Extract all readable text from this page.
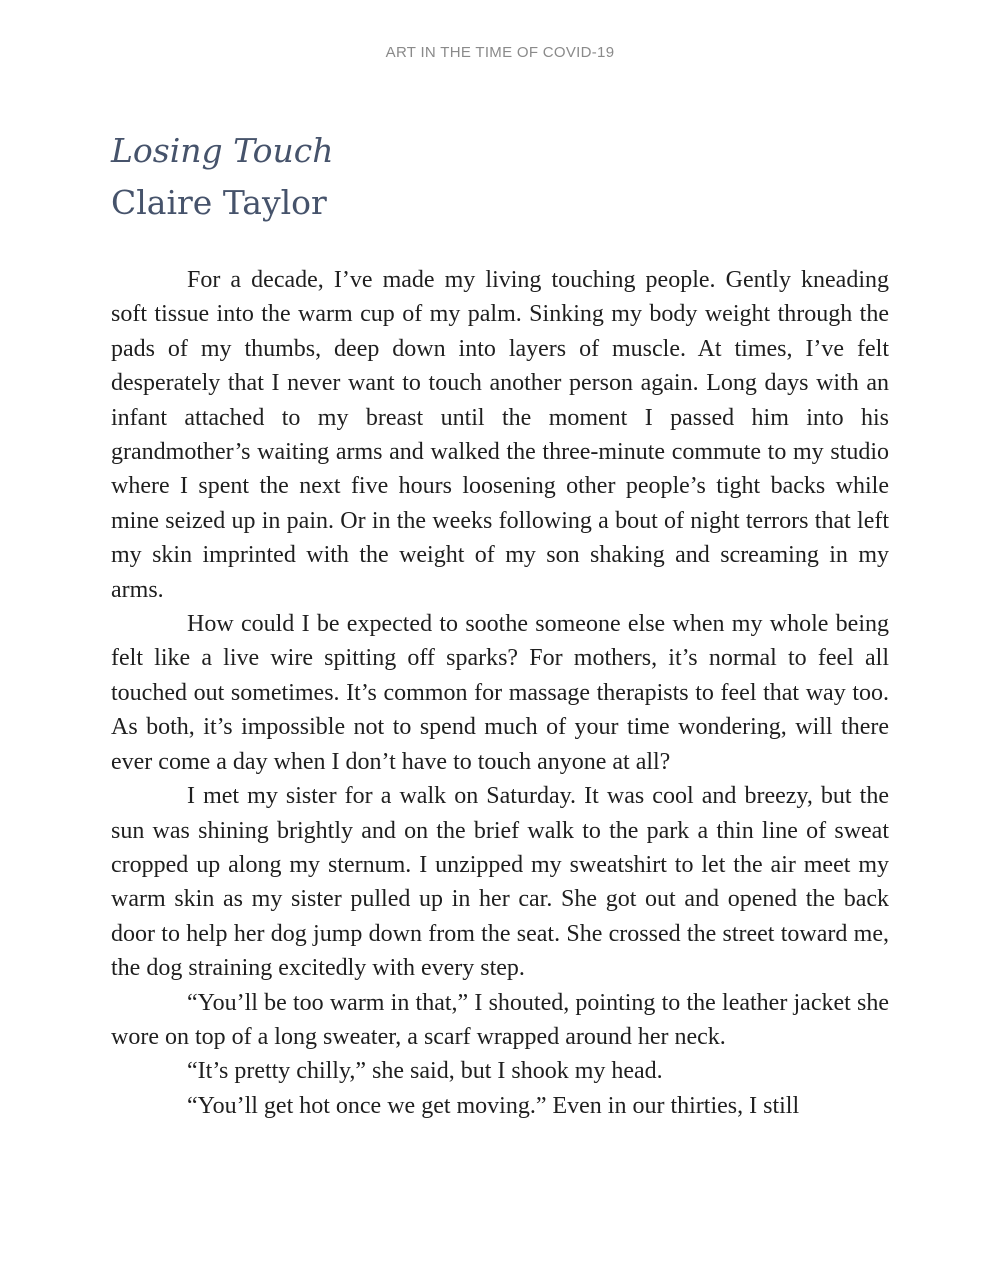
ART IN THE TIME OF COVID-19
Losing Touch
Claire Taylor

For a decade, I’ve made my living touching people. Gently kneading soft tissue into the warm cup of my palm. Sinking my body weight through the pads of my thumbs, deep down into layers of muscle. At times, I’ve felt desperately that I never want to touch another person again. Long days with an infant attached to my breast until the moment I passed him into his grandmother’s waiting arms and walked the three-minute commute to my studio where I spent the next five hours loosening other people’s tight backs while mine seized up in pain. Or in the weeks following a bout of night terrors that left my skin imprinted with the weight of my son shaking and screaming in my arms.

How could I be expected to soothe someone else when my whole being felt like a live wire spitting off sparks? For mothers, it’s normal to feel all touched out sometimes. It’s common for massage therapists to feel that way too. As both, it’s impossible not to spend much of your time wondering, will there ever come a day when I don’t have to touch anyone at all?

I met my sister for a walk on Saturday. It was cool and breezy, but the sun was shining brightly and on the brief walk to the park a thin line of sweat cropped up along my sternum. I unzipped my sweatshirt to let the air meet my warm skin as my sister pulled up in her car. She got out and opened the back door to help her dog jump down from the seat. She crossed the street toward me, the dog straining excitedly with every step.

“You’ll be too warm in that,” I shouted, pointing to the leather jacket she wore on top of a long sweater, a scarf wrapped around her neck.

“It’s pretty chilly,” she said, but I shook my head.

“You’ll get hot once we get moving.” Even in our thirties, I still
